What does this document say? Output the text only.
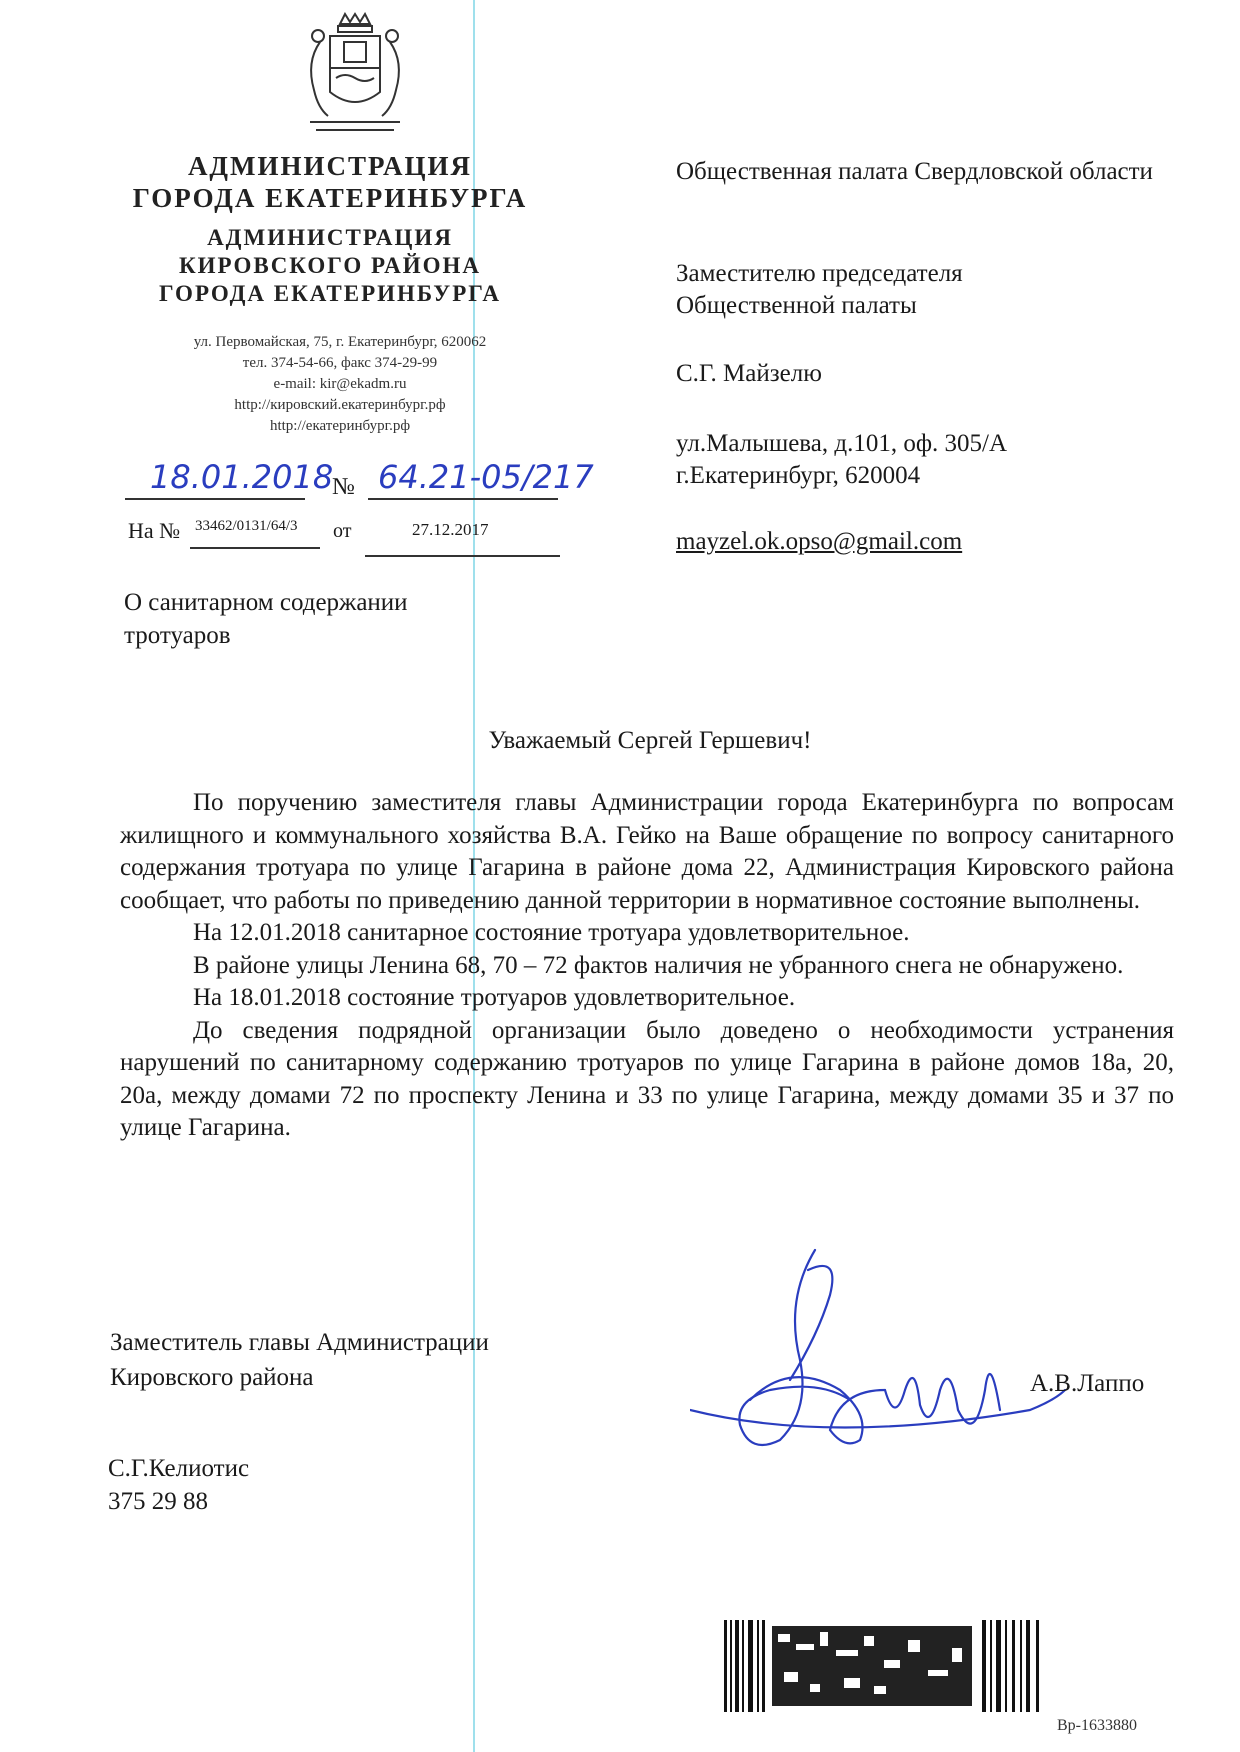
АДМИНИСТРАЦИЯ
ГОРОДА ЕКАТЕРИНБУРГА
АДМИНИСТРАЦИЯ
КИРОВСКОГО РАЙОНА
ГОРОДА ЕКАТЕРИНБУРГА
ул. Первомайская, 75, г. Екатеринбург, 620062
тел. 374-54-66, факс 374-29-99
e-mail: kir@ekadm.ru
http://кировский.екатеринбург.рф
http://екатеринбург.рф
18.01.2018
№ 64.21-05/217
На № 33462/0131/64/3 от	27.12.2017
Общественная палата Свердловской области
Заместителю председателя
Общественной палаты
С.Г. Майзелю
ул.Малышева, д.101, оф. 305/А
г.Екатеринбург, 620004
mayzel.ok.opso@gmail.com
О санитарном содержании
тротуаров
Уважаемый Сергей Гершевич!

По поручению заместителя главы Администрации города Екатеринбурга по вопросам жилищного и коммунального хозяйства В.А. Гейко на Ваше обращение по вопросу санитарного содержания тротуара по улице Гагарина в районе дома 22, Администрация Кировского района сообщает, что работы по приведению данной территории в нормативное состояние выполнены.

На 12.01.2018 санитарное состояние тротуара удовлетворительное.

В районе улицы Ленина 68, 70 – 72 фактов наличия не убранного снега не обнаружено.

На 18.01.2018 состояние тротуаров удовлетворительное.

До сведения подрядной организации было доведено о необходимости устранения нарушений по санитарному содержанию тротуаров по улице Гагарина в районе домов 18а, 20, 20а, между домами 72 по проспекту Ленина и 33 по улице Гагарина, между домами 35 и 37 по улице Гагарина.

Заместитель главы Администрации
Кировского района	А.В.Лаппо
С.Г.Келиотис
375 29 88
Вр-1633880
